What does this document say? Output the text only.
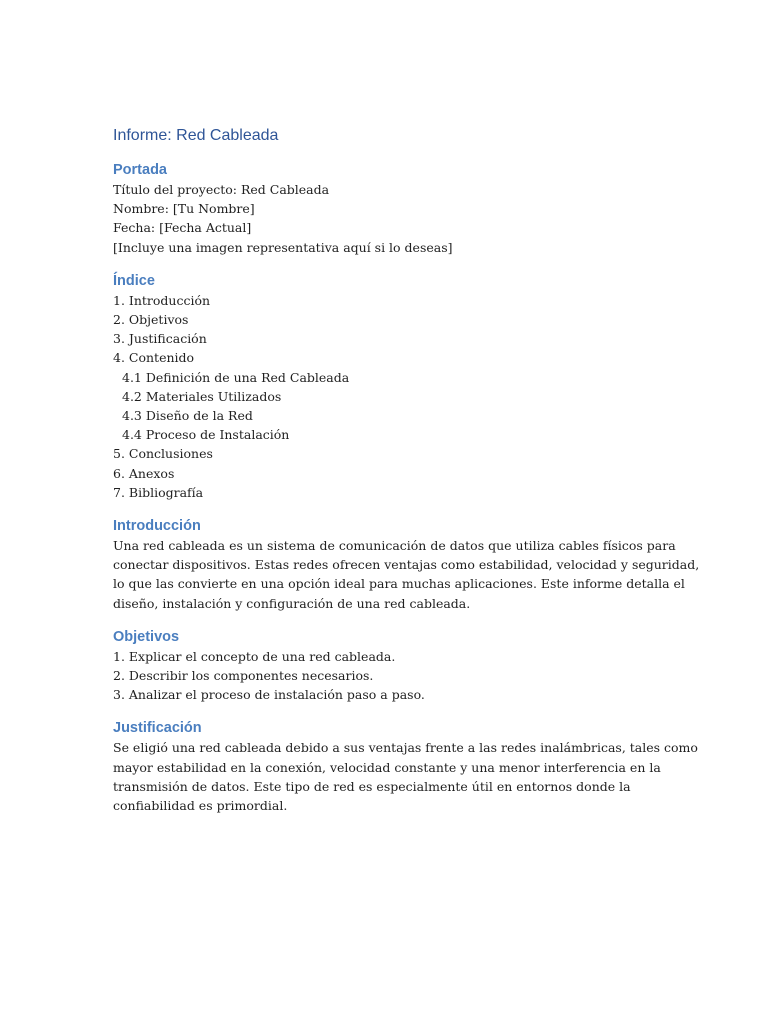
Informe: Red Cableada
Portada

Título del proyecto: Red Cableada

Nombre: [Tu Nombre]

Fecha: [Fecha Actual]

[Incluye una imagen representativa aquí si lo deseas]

Índice

1. Introducción

2. Objetivos

3. Justificación

4. Contenido

4.1 Definición de una Red Cableada

4.2 Materiales Utilizados

4.3 Diseño de la Red

4.4 Proceso de Instalación

5. Conclusiones

6. Anexos

7. Bibliografía

Introducción

Una red cableada es un sistema de comunicación de datos que utiliza cables físicos para

conectar dispositivos. Estas redes ofrecen ventajas como estabilidad, velocidad y seguridad,

lo que las convierte en una opción ideal para muchas aplicaciones. Este informe detalla el

diseño, instalación y configuración de una red cableada.

Objetivos

1. Explicar el concepto de una red cableada.

2. Describir los componentes necesarios.

3. Analizar el proceso de instalación paso a paso.

Justificación

Se eligió una red cableada debido a sus ventajas frente a las redes inalámbricas, tales como

mayor estabilidad en la conexión, velocidad constante y una menor interferencia en la

transmisión de datos. Este tipo de red es especialmente útil en entornos donde la

confiabilidad es primordial.
